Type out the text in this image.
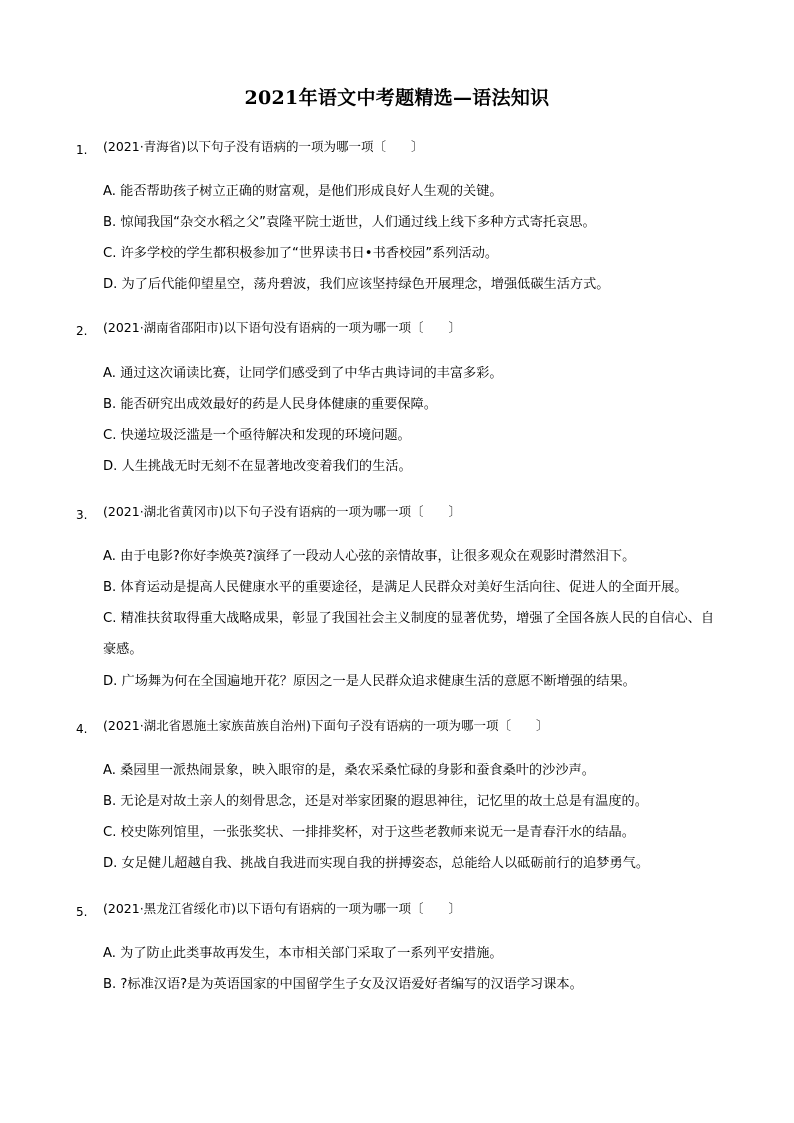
2021年语文中考题精选—语法知识
1. (2021·青海省)以下句子没有语病的一项为哪一项〔　　〕
A. 能否帮助孩子树立正确的财富观，是他们形成良好人生观的关键。
B. 惊闻我国“杂交水稻之父”袁隆平院士逝世，人们通过线上线下多种方式寄托哀思。
C. 许多学校的学生都积极参加了“世界读书日•书香校园”系列活动。
D. 为了后代能仰望星空，荡舟碧波，我们应该坚持绿色开展理念，增强低碳生活方式。
2. (2021·湖南省邵阳市)以下语句没有语病的一项为哪一项〔　　〕
A. 通过这次诵读比赛，让同学们感受到了中华古典诗词的丰富多彩。
B. 能否研究出成效最好的药是人民身体健康的重要保障。
C. 快递垃圾泛滥是一个亟待解决和发现的环境问题。
D. 人生挑战无时无刻不在显著地改变着我们的生活。
3. (2021·湖北省黄冈市)以下句子没有语病的一项为哪一项〔　　〕
A. 由于电影?你好李焕英?演绎了一段动人心弦的亲情故事，让很多观众在观影时潸然泪下。
B. 体育运动是提高人民健康水平的重要途径，是满足人民群众对美好生活向往、促进人的全面开展。
C. 精准扶贫取得重大战略成果，彰显了我国社会主义制度的显著优势，增强了全国各族人民的自信心、自豪感。
D. 广场舞为何在全国遍地开花？原因之一是人民群众追求健康生活的意愿不断增强的结果。
4. (2021·湖北省恩施土家族苗族自治州)下面句子没有语病的一项为哪一项〔　　〕
A. 桑园里一派热闹景象，映入眼帘的是，桑农采桑忙碌的身影和蚕食桑叶的沙沙声。
B. 无论是对故土亲人的刻骨思念，还是对举家团聚的遐思神往，记忆里的故土总是有温度的。
C. 校史陈列馆里，一张张奖状、一排排奖杯，对于这些老教师来说无一是青春汗水的结晶。
D. 女足健儿超越自我、挑战自我进而实现自我的拼搏姿态，总能给人以砥砺前行的追梦勇气。
5. (2021·黑龙江省绥化市)以下语句有语病的一项为哪一项〔　　〕
A. 为了防止此类事故再发生，本市相关部门采取了一系列平安措施。
B. ?标准汉语?是为英语国家的中国留学生子女及汉语爱好者编写的汉语学习课本。
